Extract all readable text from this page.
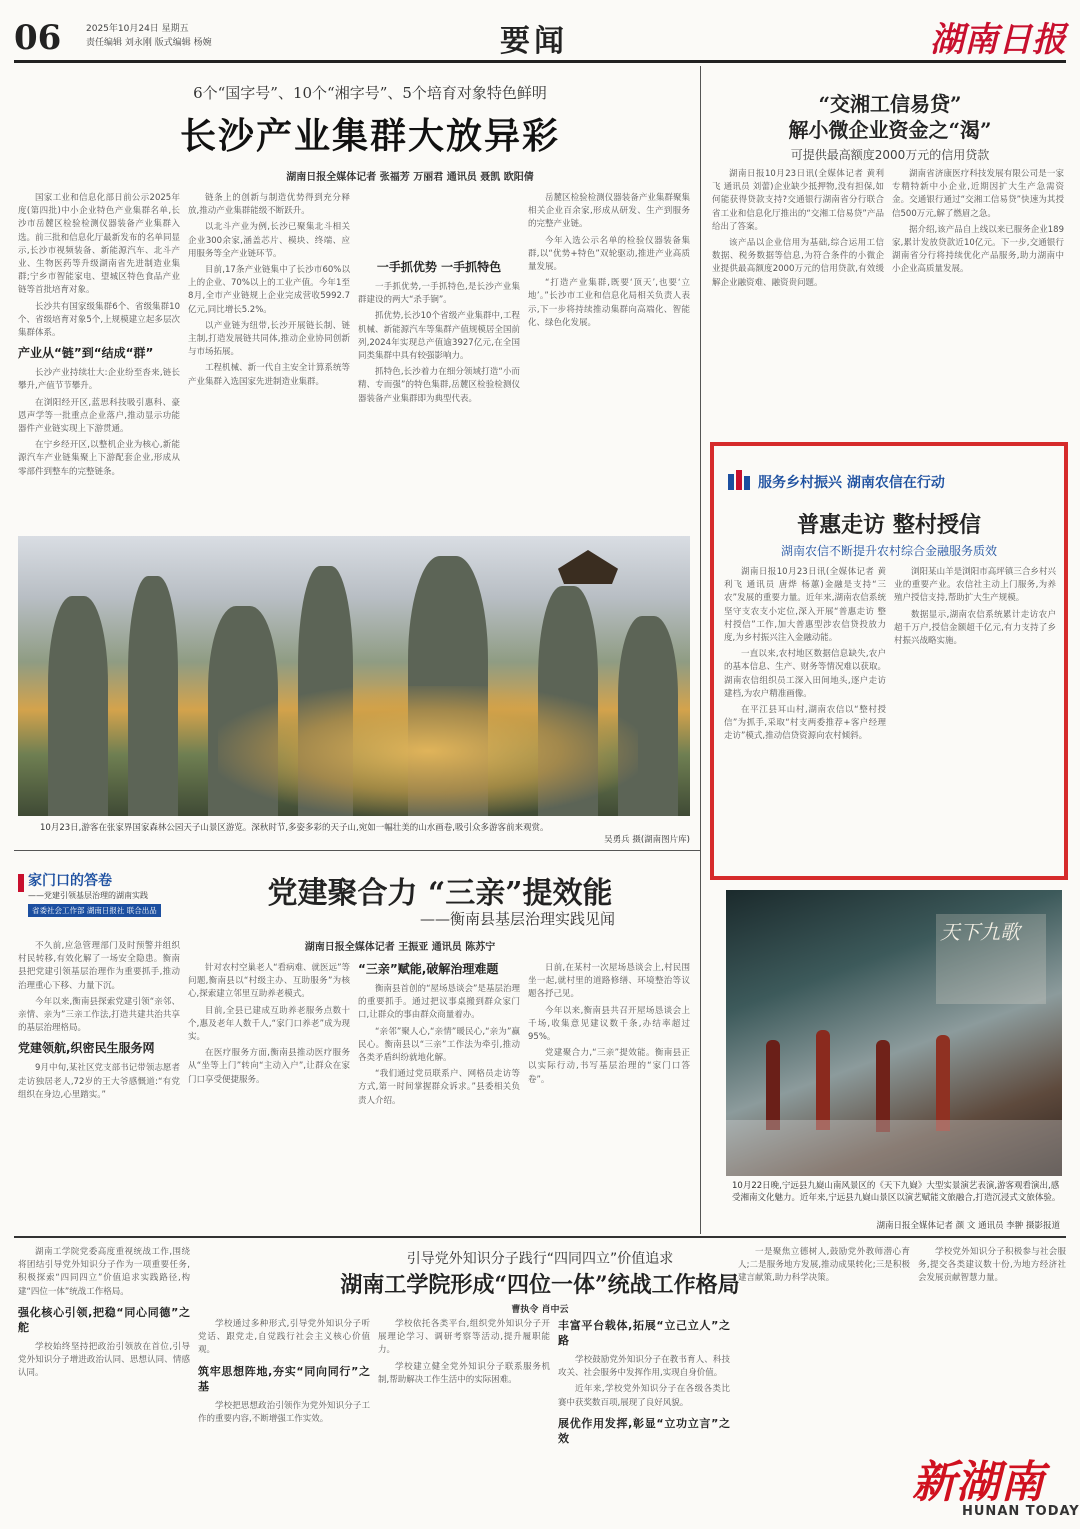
06	2025年10月24日 星期五
责任编辑 刘永刚 版式编辑 杨婉	要闻	湖南日报
6个“国字号”、10个“湘字号”、5个培育对象特色鲜明
长沙产业集群大放异彩
湖南日报全媒体记者 张福芳 万丽君 通讯员 聂凯 欧阳倩

国家工业和信息化部日前公示2025年度(第四批)中小企业特色产业集群名单,长沙市岳麓区检验检测仪器装备产业集群入选。前三批和信息化厅最新发布的名单同显示,长沙市视频装备、新能源汽车、北斗产业、生物医药等升级湖南省先进制造业集群;宁乡市智能家电、望城区特色食品产业链等首批培育对象。

长沙共有国家级集群6个、省级集群10个、省级培育对象5个,上规模建立起多层次集群体系。

产业从“链”到“结成“群”

长沙产业持续壮大:企业纷至沓来,链长攀升,产值节节攀升。

在浏阳经开区,蓝思科技吸引惠科、豪恩声学等一批重点企业落户,推动显示功能器件产业链实现上下游贯通。

在宁乡经开区,以整机企业为核心,新能源汽车产业链集聚上下游配套企业,形成从零部件到整车的完整链条。

链条上的创新与制造优势得到充分释放,推动产业集群能级不断跃升。

以北斗产业为例,长沙已聚集北斗相关企业300余家,涵盖芯片、模块、终端、应用服务等全产业链环节。

目前,17条产业链集中了长沙市60%以上的企业、70%以上的工业产值。今年1至8月,全市产业链规上企业完成营收5992.7亿元,同比增长5.2%。

以产业链为纽带,长沙开展链长制、链主制,打造发展链共同体,推动企业协同创新与市场拓展。

工程机械、新一代自主安全计算系统等产业集群入选国家先进制造业集群。

一手抓优势 一手抓特色

一手抓优势,一手抓特色,是长沙产业集群建设的两大“杀手锏”。

抓优势,长沙10个省级产业集群中,工程机械、新能源汽车等集群产值规模居全国前列,2024年实现总产值逾3927亿元,在全国同类集群中具有较强影响力。

抓特色,长沙着力在细分领域打造“小而精、专而强”的特色集群,岳麓区检验检测仪器装备产业集群即为典型代表。

岳麓区检验检测仪器装备产业集群聚集相关企业百余家,形成从研发、生产到服务的完整产业链。

今年入选公示名单的检验仪器装备集群,以“优势+特色”双轮驱动,推进产业高质量发展。

“打造产业集群,既要‘顶天’,也要‘立地’。”长沙市工业和信息化局相关负责人表示,下一步将持续推动集群向高端化、智能化、绿色化发展。

10月23日,游客在张家界国家森林公园天子山景区游览。深秋时节,多姿多彩的天子山,宛如一幅壮美的山水画卷,吸引众多游客前来观赏。
吴勇兵 摄(湖南图片库)
“交湘工信易贷”
解小微企业资金之“渴”
可提供最高额度2000万元的信用贷款

湖南日报10月23日讯(全媒体记者 黄利飞 通讯员 刘蕾)企业缺少抵押物,没有担保,如何能获得贷款支持?交通银行湖南省分行联合省工业和信息化厅推出的“交湘工信易贷”产品给出了答案。

该产品以企业信用为基础,综合运用工信数据、税务数据等信息,为符合条件的小微企业提供最高额度2000万元的信用贷款,有效缓解企业融资难、融资贵问题。

湖南省济康医疗科技发展有限公司是一家专精特新中小企业,近期因扩大生产急需资金。交通银行通过“交湘工信易贷”快速为其授信500万元,解了燃眉之急。

据介绍,该产品自上线以来已服务企业189家,累计发放贷款近10亿元。下一步,交通银行湖南省分行将持续优化产品服务,助力湖南中小企业高质量发展。

服务乡村振兴 湖南农信在行动
普惠走访 整村授信
湖南农信不断提升农村综合金融服务质效

湖南日报10月23日讯(全媒体记者 黄利飞 通讯员 唐烨 杨蕙)金融是支持“三农”发展的重要力量。近年来,湖南农信系统坚守支农支小定位,深入开展“普惠走访 整村授信”工作,加大普惠型涉农信贷投放力度,为乡村振兴注入金融动能。

一直以来,农村地区数据信息缺失,农户的基本信息、生产、财务等情况难以获取。湖南农信组织员工深入田间地头,逐户走访建档,为农户精准画像。

在平江县耳山村,湖南农信以“整村授信”为抓手,采取“村支两委推荐+客户经理走访”模式,推动信贷资源向农村倾斜。

浏阳某山羊是浏阳市高坪镇三合乡村兴业的重要产业。农信社主动上门服务,为养殖户授信支持,帮助扩大生产规模。

数据显示,湖南农信系统累计走访农户超千万户,授信金额超千亿元,有力支持了乡村振兴战略实施。

家门口的答卷
——党建引领基层治理的湖南实践
省委社会工作部 湖南日报社 联合出品	党建聚合力 “三亲”提效能
——衡南县基层治理实践见闻
湖南日报全媒体记者 王振亚 通讯员 陈苏宁

不久前,应急管理部门及时预警并组织村民转移,有效化解了一场安全隐患。衡南县把党建引领基层治理作为重要抓手,推动治理重心下移、力量下沉。

今年以来,衡南县探索党建引领“亲邻、亲情、亲为”三亲工作法,打造共建共治共享的基层治理格局。

党建领航,织密民生服务网

9月中旬,某社区党支部书记带领志愿者走访独居老人,72岁的王大爷感慨道:“有党组织在身边,心里踏实。”

针对农村空巢老人“看病难、就医远”等问题,衡南县以“村级主办、互助服务”为核心,探索建立邻里互助养老模式。

目前,全县已建成互助养老服务点数十个,惠及老年人数千人,“家门口养老”成为现实。

在医疗服务方面,衡南县推动医疗服务从“坐等上门”转向“主动入户”,让群众在家门口享受便捷服务。

“三亲”赋能,破解治理难题

衡南县首创的“屋场恳谈会”是基层治理的重要抓手。通过把议事桌搬到群众家门口,让群众的事由群众商量着办。

“亲邻”聚人心,“亲情”暖民心,“亲为”赢民心。衡南县以“三亲”工作法为牵引,推动各类矛盾纠纷就地化解。

“我们通过党员联系户、网格员走访等方式,第一时间掌握群众诉求。”县委相关负责人介绍。

日前,在某村一次屋场恳谈会上,村民围坐一起,就村里的道路修缮、环境整治等议题各抒己见。

今年以来,衡南县共召开屋场恳谈会上千场,收集意见建议数千条,办结率超过95%。

党建聚合力,“三亲”提效能。衡南县正以实际行动,书写基层治理的“家门口答卷”。

天下九歌
10月22日晚,宁远县九嶷山南风景区的《天下九嶷》大型实景演艺表演,游客观看演出,感受湘南文化魅力。近年来,宁远县九嶷山景区以演艺赋能文旅融合,打造沉浸式文旅体验。
湖南日报全媒体记者 颜 文 通讯员 李翀 摄影报道
引导党外知识分子践行“四同四立”价值追求
湖南工学院形成“四位一体”统战工作格局
曹执令 肖中云

湖南工学院党委高度重视统战工作,围绕将团结引导党外知识分子作为一项重要任务,积极探索“四同四立”价值追求实践路径,构建“四位一体”统战工作格局。

强化核心引领,把稳“同心同德”之舵

学校始终坚持把政治引领放在首位,引导党外知识分子增进政治认同、思想认同、情感认同。

学校通过多种形式,引导党外知识分子听党话、跟党走,自觉践行社会主义核心价值观。

筑牢思想阵地,夯实“同向同行”之基

学校把思想政治引领作为党外知识分子工作的重要内容,不断增强工作实效。

学校依托各类平台,组织党外知识分子开展理论学习、调研考察等活动,提升履职能力。

学校建立健全党外知识分子联系服务机制,帮助解决工作生活中的实际困难。

丰富平台载体,拓展“立己立人”之路

学校鼓励党外知识分子在教书育人、科技攻关、社会服务中发挥作用,实现自身价值。

近年来,学校党外知识分子在各级各类比赛中获奖数百项,展现了良好风貌。

展优作用发挥,彰显“立功立言”之效

一是聚焦立德树人,鼓励党外教师潜心育人;二是服务地方发展,推动成果转化;三是积极建言献策,助力科学决策。

学校党外知识分子积极参与社会服务,提交各类建议数十份,为地方经济社会发展贡献智慧力量。

新湖南
HUNAN TODAY
